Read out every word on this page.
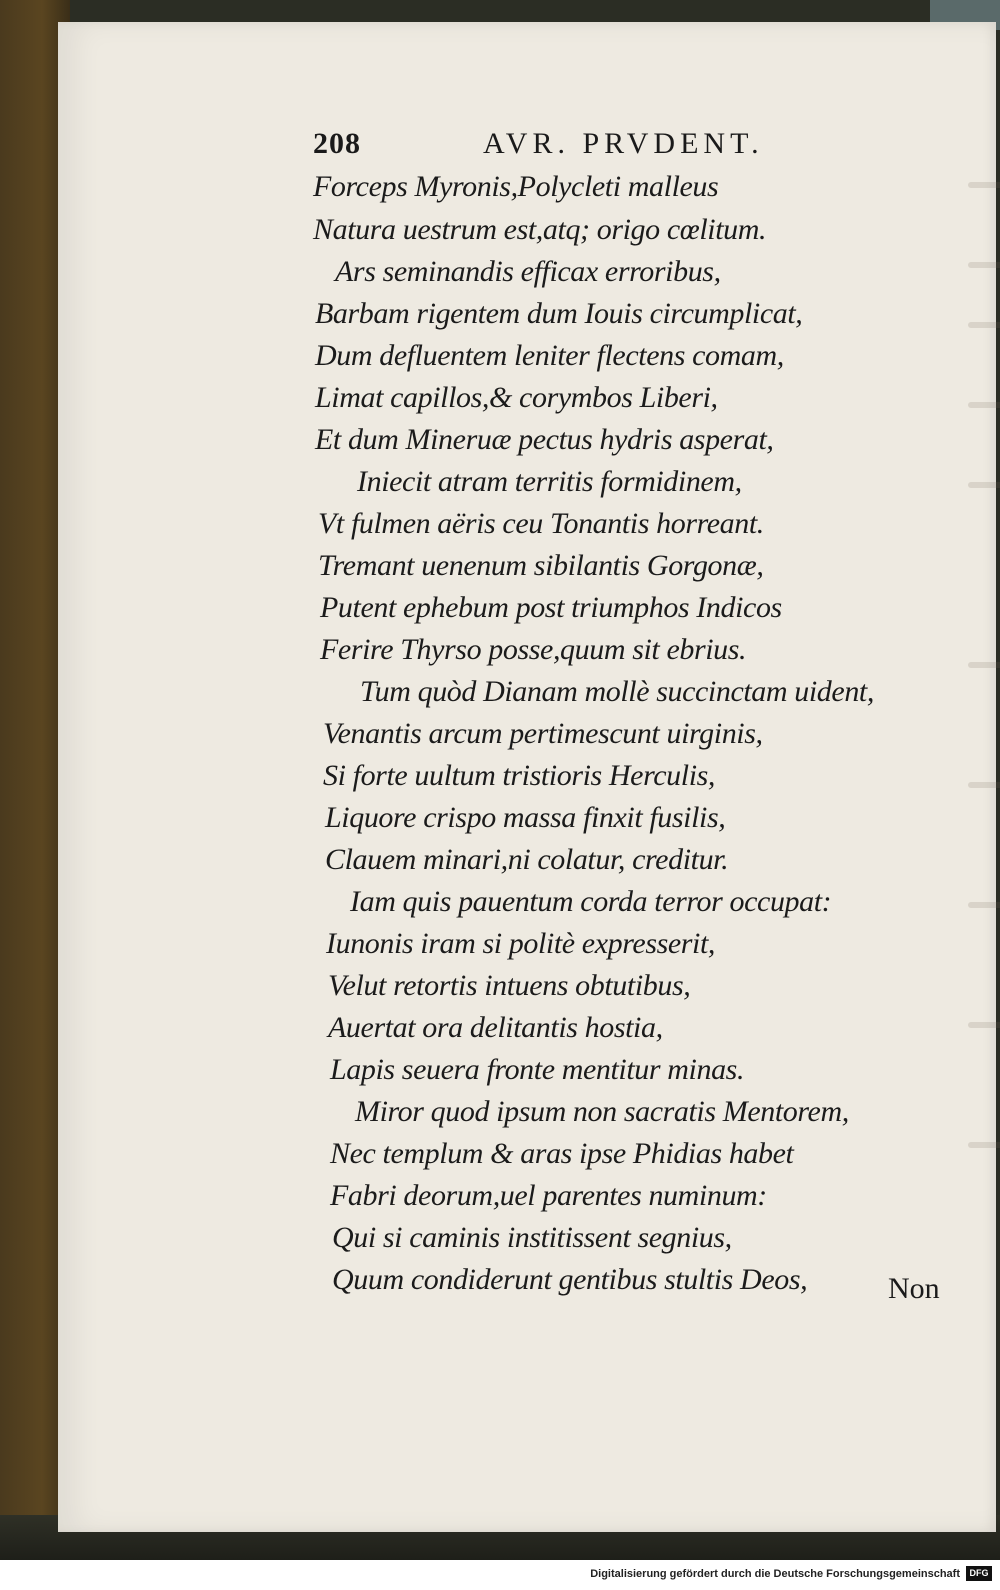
208	AVR. PRVDENT.
Forceps Myronis,Polycleti malleus
Natura uestrum est,atq; origo cœlitum.
Ars seminandis efficax erroribus,
Barbam rigentem dum Iouis circumplicat,
Dum defluentem leniter flectens comam,
Limat capillos,& corymbos Liberi,
Et dum Mineruæ pectus hydris asperat,
Iniecit atram territis formidinem,
Vt fulmen aëris ceu Tonantis horreant.
Tremant uenenum sibilantis Gorgonæ,
Putent ephebum post triumphos Indicos
Ferire Thyrso posse,quum sit ebrius.
Tum quòd Dianam mollè succinctam uident,
Venantis arcum pertimescunt uirginis,
Si forte uultum tristioris Herculis,
Liquore crispo massa finxit fusilis,
Clauem minari,ni colatur, creditur.
Iam quis pauentum corda terror occupat:
Iunonis iram si politè expresserit,
Velut retortis intuens obtutibus,
Auertat ora delitantis hostia,
Lapis seuera fronte mentitur minas.
Miror quod ipsum non sacratis Mentorem,
Nec templum & aras ipse Phidias habet
Fabri deorum,uel parentes numinum:
Qui si caminis institissent segnius,
Quum condiderunt gentibus stultis Deos,	Non
Digitalisierung gefördert durch die Deutsche Forschungsgemeinschaft	DFG
